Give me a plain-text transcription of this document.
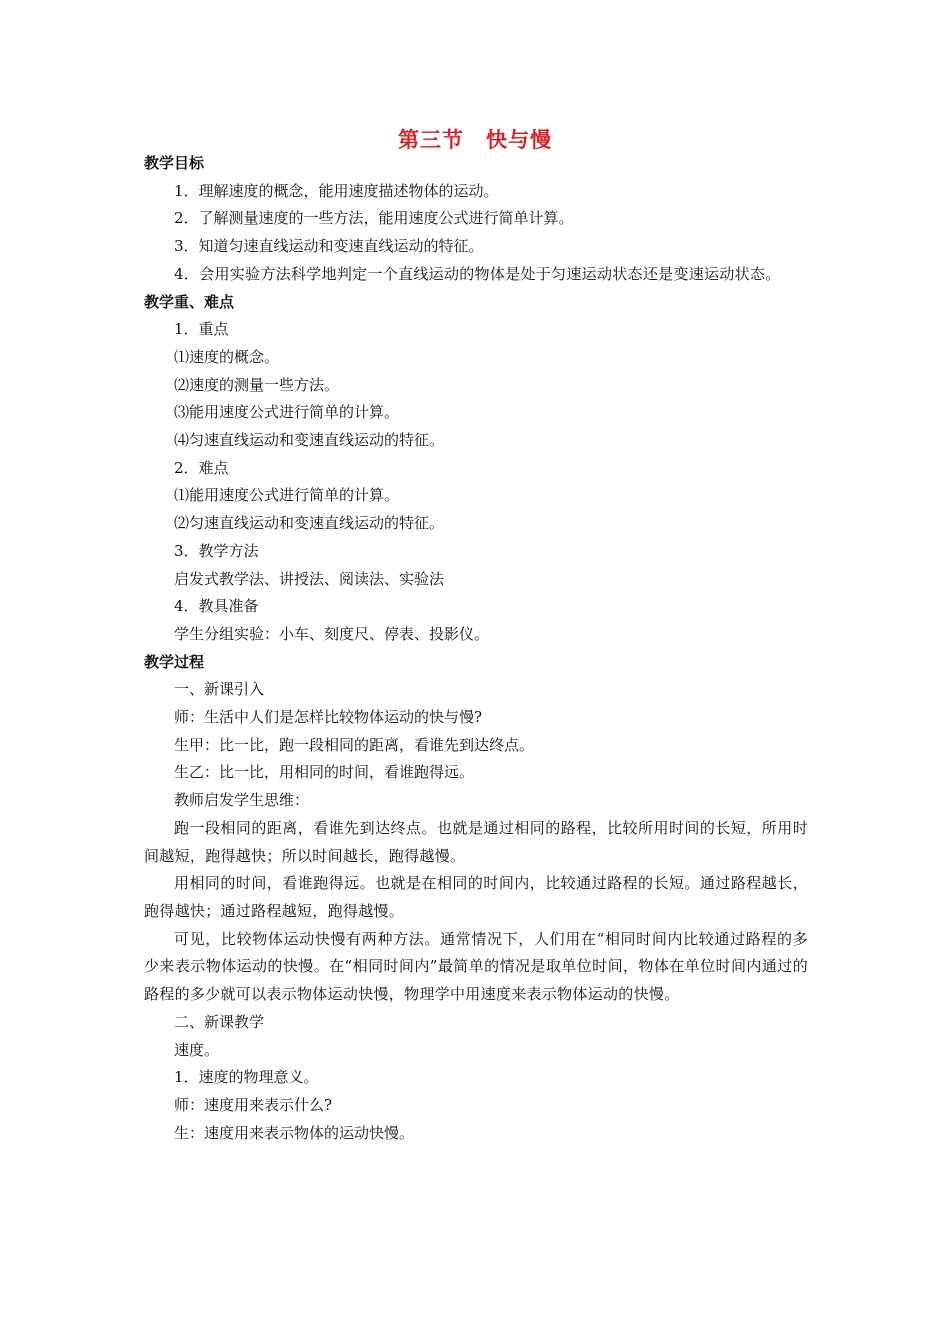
第三节　快与慢
教学目标
1．理解速度的概念，能用速度描述物体的运动。
2．了解测量速度的一些方法，能用速度公式进行简单计算。
3．知道匀速直线运动和变速直线运动的特征。
4．会用实验方法科学地判定一个直线运动的物体是处于匀速运动状态还是变速运动状态。
教学重、难点
1．重点
⑴速度的概念。
⑵速度的测量一些方法。
⑶能用速度公式进行简单的计算。
⑷匀速直线运动和变速直线运动的特征。
2．难点
⑴能用速度公式进行简单的计算。
⑵匀速直线运动和变速直线运动的特征。
3．教学方法
启发式教学法、讲授法、阅读法、实验法
4．教具准备
学生分组实验：小车、刻度尺、停表、投影仪。
教学过程
一、新课引入
师：生活中人们是怎样比较物体运动的快与慢?
生甲：比一比，跑一段相同的距离，看谁先到达终点。
生乙：比一比，用相同的时间，看谁跑得远。
教师启发学生思维：
跑一段相同的距离，看谁先到达终点。也就是通过相同的路程，比较所用时间的长短，所用时间越短，跑得越快；所以时间越长，跑得越慢。
用相同的时间，看谁跑得远。也就是在相同的时间内，比较通过路程的长短。通过路程越长，跑得越快；通过路程越短，跑得越慢。
可见，比较物体运动快慢有两种方法。通常情况下，人们用在“相同时间内比较通过路程的多少来表示物体运动的快慢。在“相同时间内”最简单的情况是取单位时间，物体在单位时间内通过的路程的多少就可以表示物体运动快慢，物理学中用速度来表示物体运动的快慢。
二、新课教学
速度。
1．速度的物理意义。
师：速度用来表示什么?
生：速度用来表示物体的运动快慢。
